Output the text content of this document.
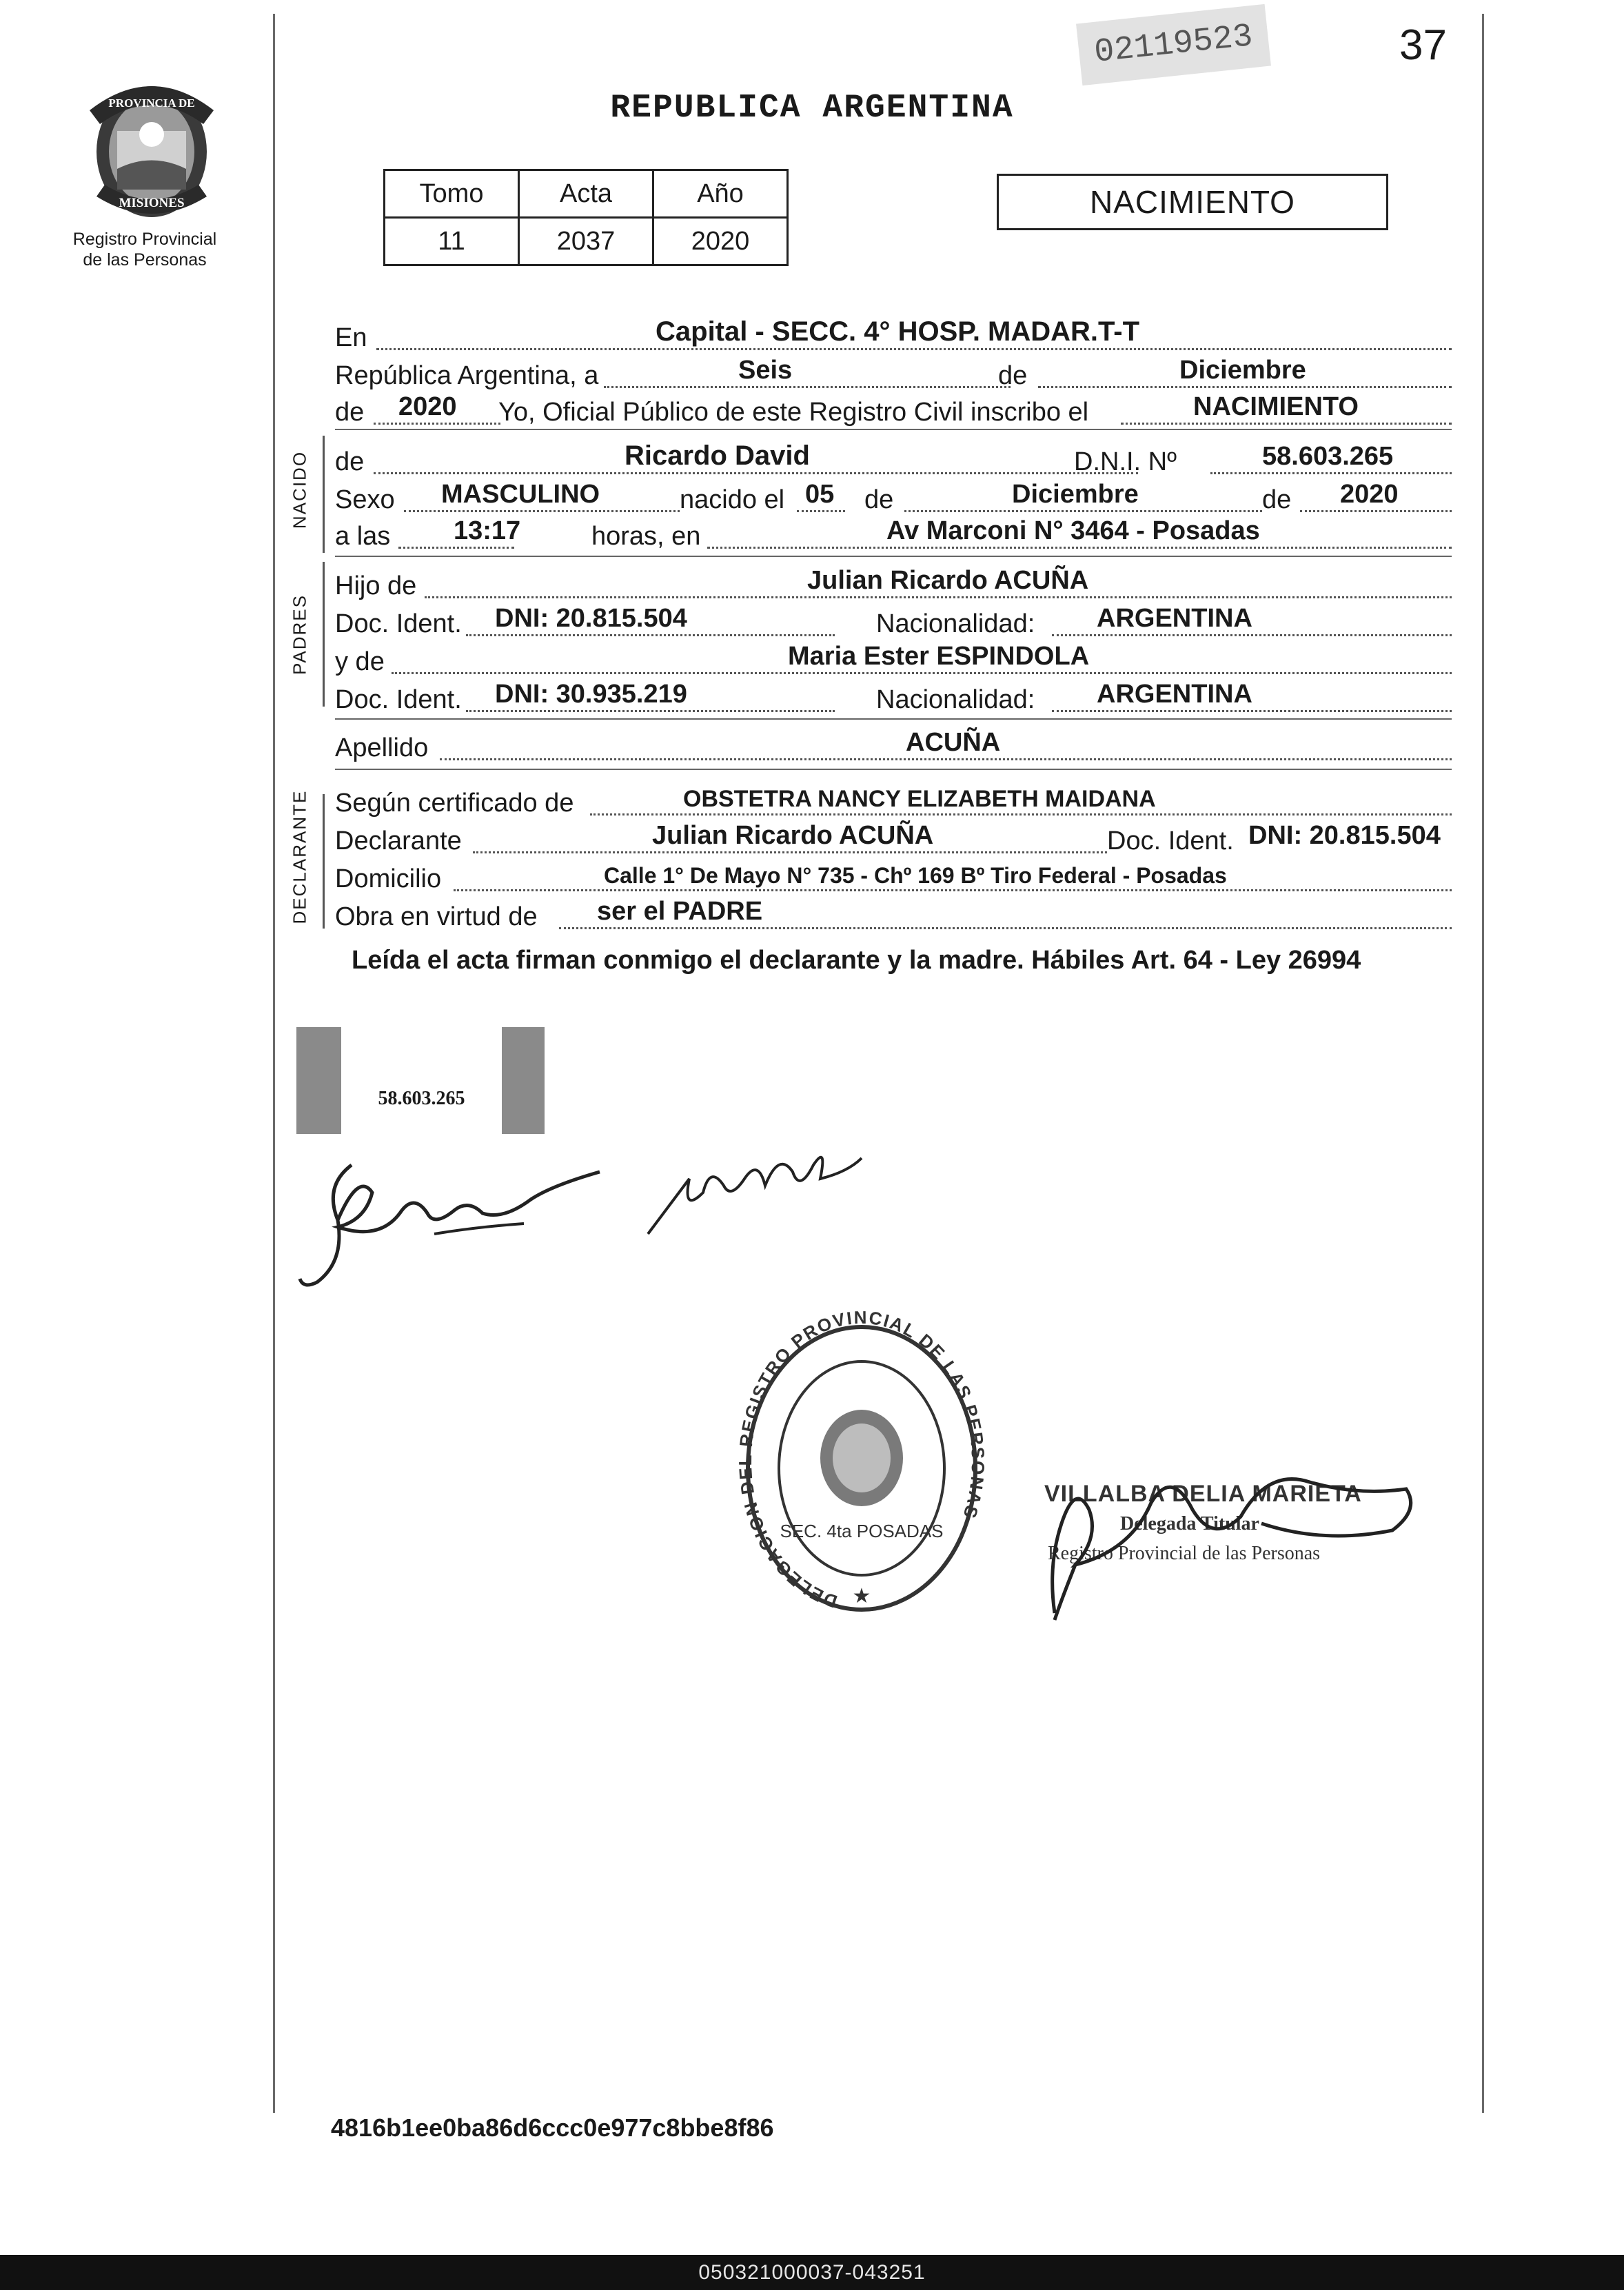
02119523	37
REPUBLICA ARGENTINA
PROVINCIA DE
MISIONES
Registro Provincial
de las Personas
Tomo	Acta	Año
11	2037	2020
NACIMIENTO
En	Capital - SECC. 4° HOSP. MADAR.T-T
República Argentina, a	Seis	de	Diciembre
de 2020 Yo, Oficial Público de este Registro Civil inscribo el	NACIMIENTO
NACIDO de	Ricardo David	D.N.I. Nº	58.603.265
Sexo MASCULINO	nacido el 05 de	Diciembre	de 2020
a las 13:17	horas, en	Av Marconi N° 3464 - Posadas
PADRES
Hijo de	Julian Ricardo ACUÑA
Doc. Ident. DNI: 20.815.504	Nacionalidad: ARGENTINA
y de	Maria Ester ESPINDOLA
Doc. Ident. DNI: 30.935.219	Nacionalidad: ARGENTINA
Apellido	ACUÑA
DECLARANTE Según certificado de	OBSTETRA NANCY ELIZABETH MAIDANA
Declarante	Julian Ricardo ACUÑA	Doc. Ident. DNI: 20.815.504
Domicilio	Calle 1° De Mayo N° 735 - Chº 169 Bº Tiro Federal - Posadas
Obra en virtud de ser el PADRE
Leída el acta firman conmigo el declarante y la madre. Hábiles Art. 64 - Ley 26994
58.603.265
DELEGACION DEL REGISTRO PROVINCIAL DE LAS PERSONAS
SEC. 4ta POSADAS
★
VILLALBA DELIA MARIETA
Delegada Titular
Registro Provincial de las Personas
4816b1ee0ba86d6ccc0e977c8bbe8f86
050321000037-043251
